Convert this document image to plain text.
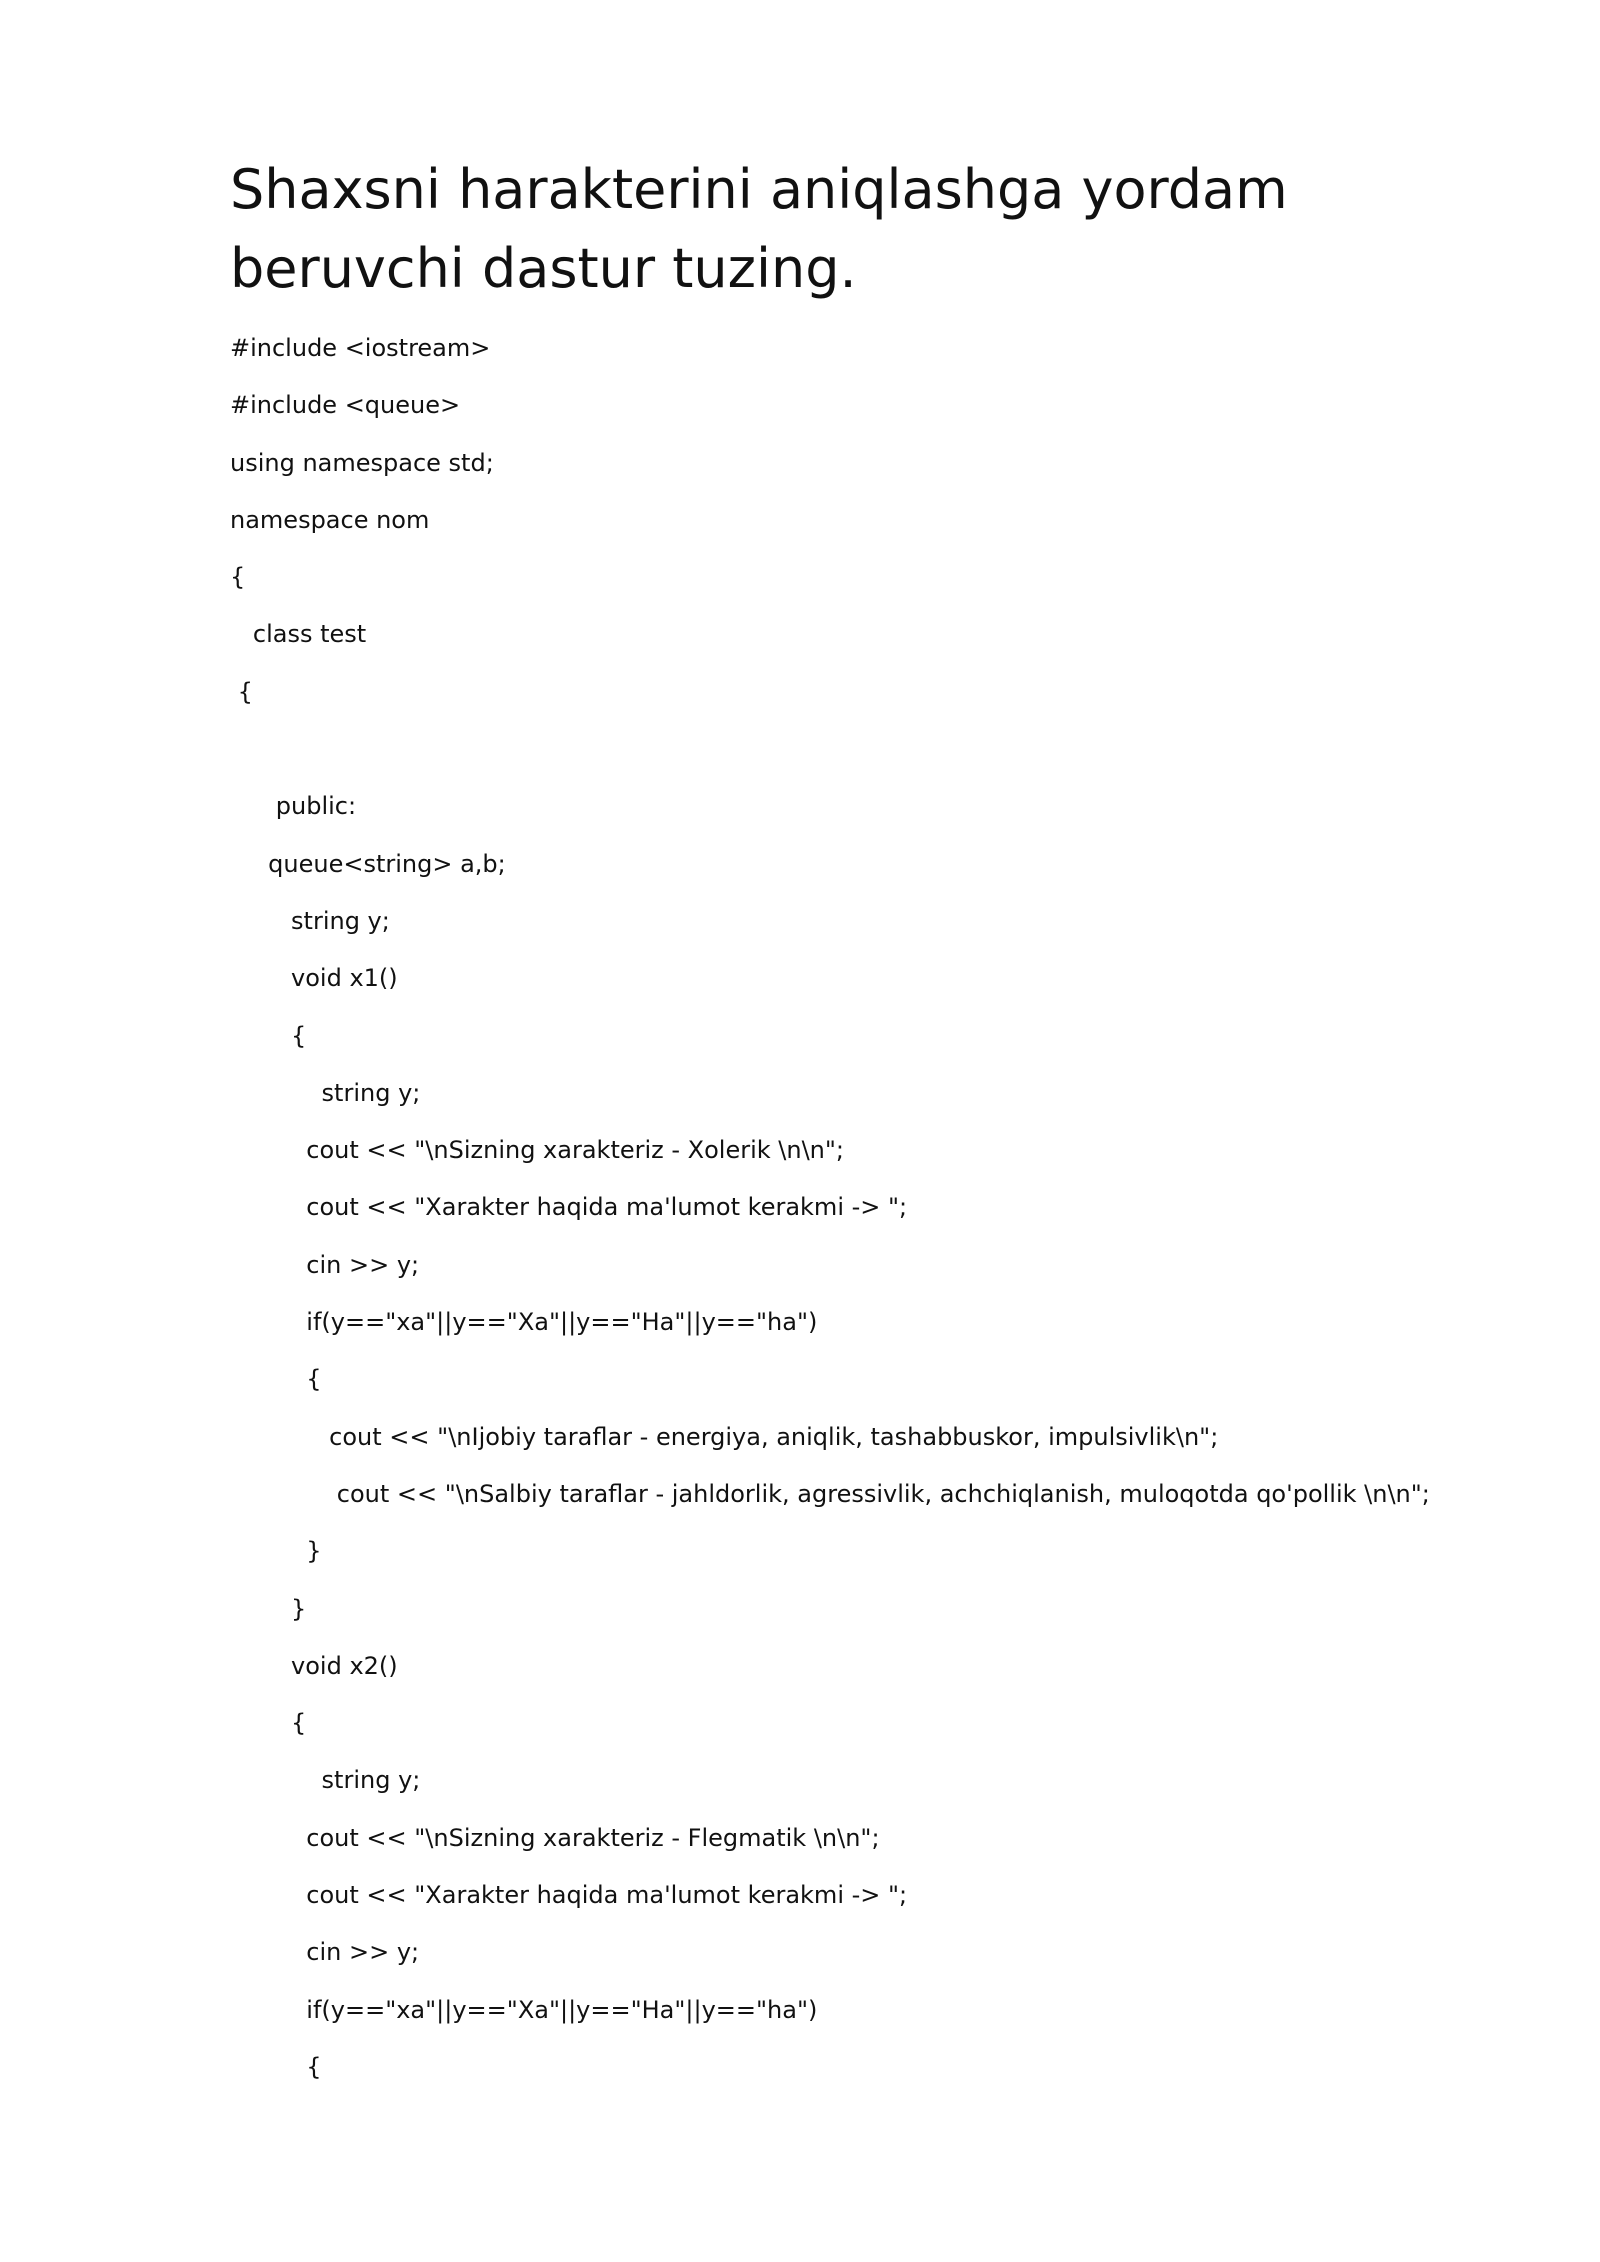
Shaxsni harakterini aniqlashga yordam beruvchi dastur tuzing.
#include <iostream>
#include <queue>
using namespace std;
namespace nom
{
class test
{
public:
queue<string> a,b;
string y;
void x1()
{
string y;
cout << "\nSizning xarakteriz - Xolerik \n\n";
cout << "Xarakter haqida ma'lumot kerakmi -> ";
cin >> y;
if(y=="xa"||y=="Xa"||y=="Ha"||y=="ha")
{
cout << "\nIjobiy taraflar - energiya, aniqlik, tashabbuskor, impulsivlik\n";
cout << "\nSalbiy taraflar - jahldorlik, agressivlik, achchiqlanish, muloqotda qo'pollik \n\n";
}
}
void x2()
{
string y;
cout << "\nSizning xarakteriz - Flegmatik \n\n";
cout << "Xarakter haqida ma'lumot kerakmi -> ";
cin >> y;
if(y=="xa"||y=="Xa"||y=="Ha"||y=="ha")
{
